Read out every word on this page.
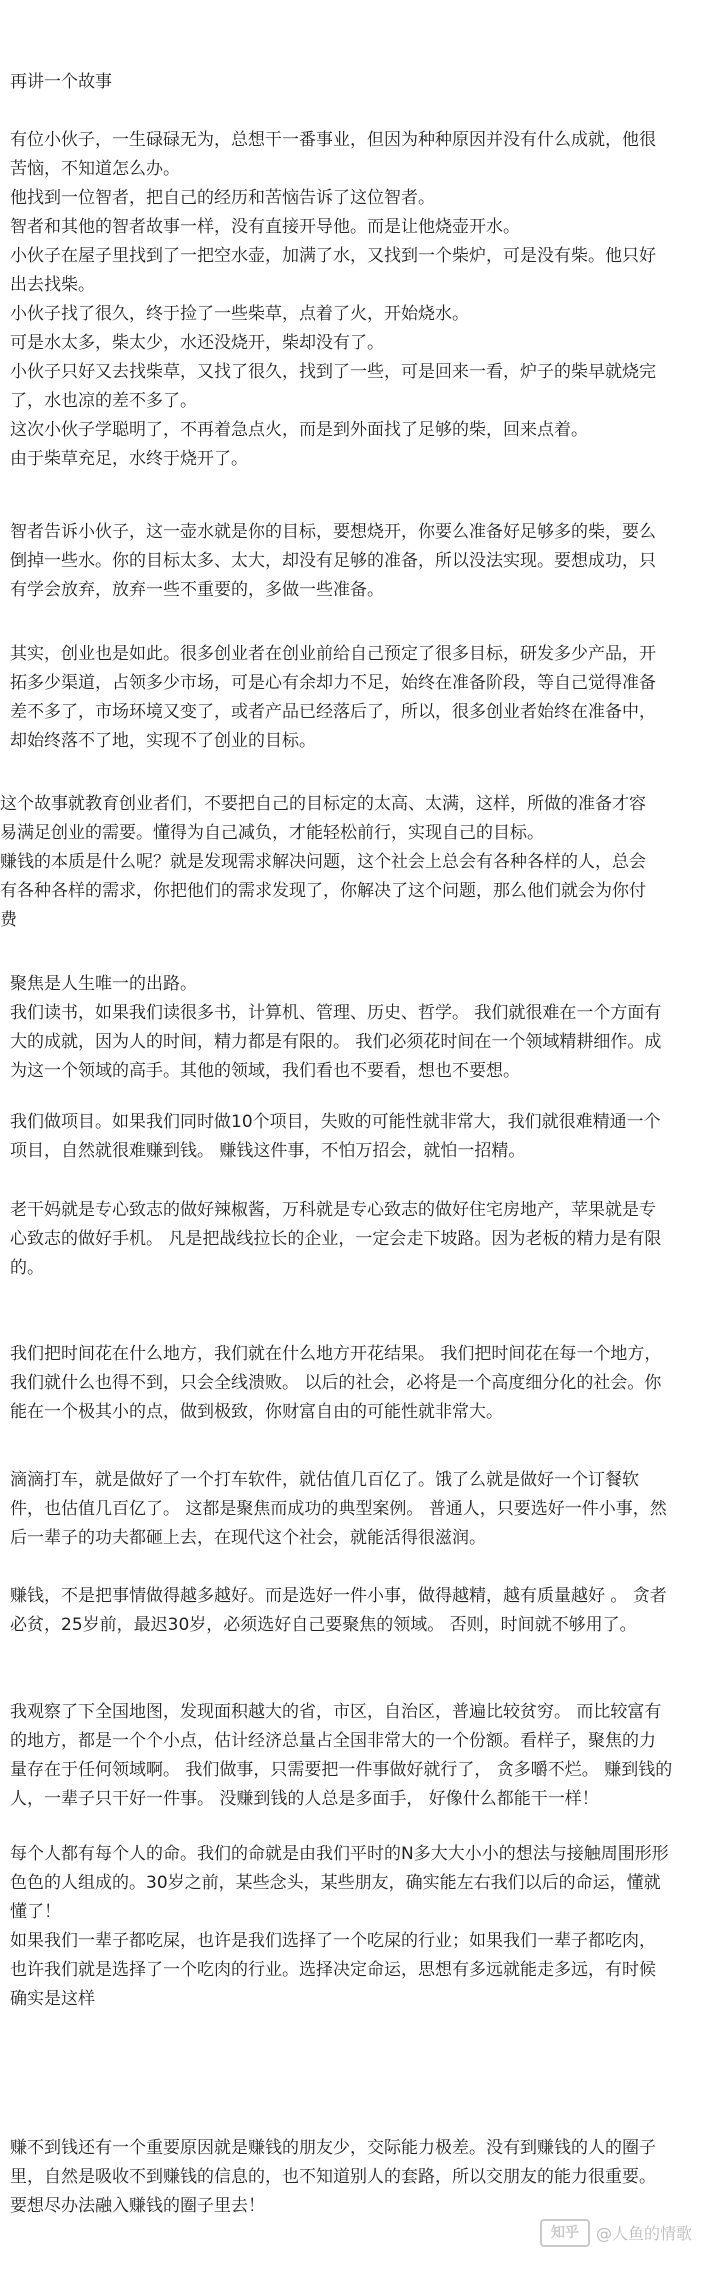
再讲一个故事

有位小伙子，一生碌碌无为，总想干一番事业，但因为种种原因并没有什么成就，他很

苦恼，不知道怎么办。

他找到一位智者，把自己的经历和苦恼告诉了这位智者。

智者和其他的智者故事一样，没有直接开导他。而是让他烧壶开水。

小伙子在屋子里找到了一把空水壶，加满了水，又找到一个柴炉，可是没有柴。他只好

出去找柴。

小伙子找了很久，终于捡了一些柴草，点着了火，开始烧水。

可是水太多，柴太少，水还没烧开，柴却没有了。

小伙子只好又去找柴草，又找了很久，找到了一些，可是回来一看，炉子的柴早就烧完

了，水也凉的差不多了。

这次小伙子学聪明了，不再着急点火，而是到外面找了足够的柴，回来点着。

由于柴草充足，水终于烧开了。

智者告诉小伙子，这一壶水就是你的目标，要想烧开，你要么准备好足够多的柴，要么

倒掉一些水。你的目标太多、太大，却没有足够的准备，所以没法实现。要想成功，只

有学会放弃，放弃一些不重要的，多做一些准备。

其实，创业也是如此。很多创业者在创业前给自己预定了很多目标，研发多少产品，开

拓多少渠道，占领多少市场，可是心有余却力不足，始终在准备阶段，等自己觉得准备

差不多了，市场环境又变了，或者产品已经落后了，所以，很多创业者始终在准备中，

却始终落不了地，实现不了创业的目标。

这个故事就教育创业者们，不要把自己的目标定的太高、太满，这样，所做的准备才容

易满足创业的需要。懂得为自己减负，才能轻松前行，实现自己的目标。

赚钱的本质是什么呢？就是发现需求解决问题，这个社会上总会有各种各样的人，总会

有各种各样的需求，你把他们的需求发现了，你解决了这个问题，那么他们就会为你付

费

聚焦是人生唯一的出路。

我们读书，如果我们读很多书，计算机、管理、历史、哲学。 我们就很难在一个方面有

大的成就，因为人的时间，精力都是有限的。 我们必须花时间在一个领域精耕细作。成

为这一个领域的高手。其他的领域，我们看也不要看，想也不要想。

我们做项目。如果我们同时做10个项目，失败的可能性就非常大，我们就很难精通一个

项目，自然就很难赚到钱。 赚钱这件事，不怕万招会，就怕一招精。

老干妈就是专心致志的做好辣椒酱，万科就是专心致志的做好住宅房地产，苹果就是专

心致志的做好手机。 凡是把战线拉长的企业，一定会走下坡路。因为老板的精力是有限

的。

我们把时间花在什么地方，我们就在什么地方开花结果。 我们把时间花在每一个地方，

我们就什么也得不到，只会全线溃败。 以后的社会，必将是一个高度细分化的社会。你

能在一个极其小的点，做到极致，你财富自由的可能性就非常大。

滴滴打车，就是做好了一个打车软件，就估值几百亿了。饿了么就是做好一个订餐软

件，也估值几百亿了。 这都是聚焦而成功的典型案例。 普通人，只要选好一件小事，然

后一辈子的功夫都砸上去，在现代这个社会，就能活得很滋润。

赚钱，不是把事情做得越多越好。而是选好一件小事，做得越精，越有质量越好 。 贪者

必贫，25岁前，最迟30岁，必须选好自己要聚焦的领域。 否则，时间就不够用了。

我观察了下全国地图，发现面积越大的省，市区，自治区，普遍比较贫穷。 而比较富有

的地方，都是一个个小点，估计经济总量占全国非常大的一个份额。看样子，聚焦的力

量存在于任何领域啊。 我们做事，只需要把一件事做好就行了， 贪多嚼不烂。 赚到钱的

人，一辈子只干好一件事。 没赚到钱的人总是多面手， 好像什么都能干一样！

每个人都有每个人的命。我们的命就是由我们平时的N多大大小小的想法与接触周围形形

色色的人组成的。30岁之前，某些念头，某些朋友，确实能左右我们以后的命运，懂就

懂了！

如果我们一辈子都吃屎，也许是我们选择了一个吃屎的行业；如果我们一辈子都吃肉，

也许我们就是选择了一个吃肉的行业。选择决定命运，思想有多远就能走多远，有时候

确实是这样

赚不到钱还有一个重要原因就是赚钱的朋友少，交际能力极差。没有到赚钱的人的圈子

里，自然是吸收不到赚钱的信息的，也不知道别人的套路，所以交朋友的能力很重要。

要想尽办法融入赚钱的圈子里去！

知乎	@人鱼的情歌
